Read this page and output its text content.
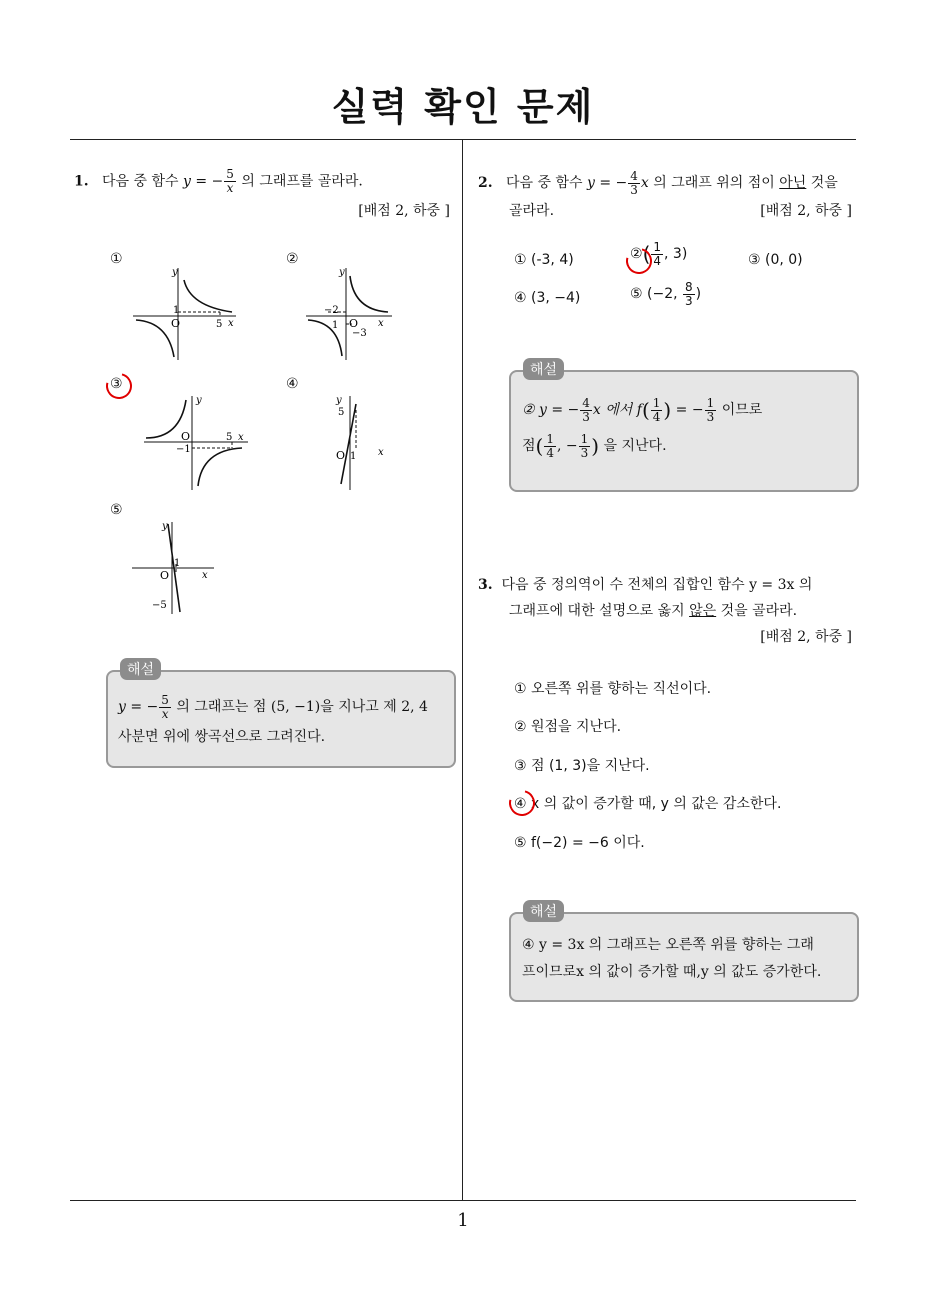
실력 확인 문제
1
1. 다음 중 함수 y = − $\frac{5}{x}$ 의 그래프를 골라라.
[배점 2, 하중 ]
①	②
③	④
⑤
y
x
O
1
5
y
x
O
−2
1
−3
y
x
O	5
−1
y
5
O 1 x
y
x
O
1
−5
해설
y = − $\frac{5}{x}$ 의 그래프는 점 (5, −1)을 지나고 제 2, 4
사분면 위에 쌍곡선으로 그려진다.
2. 다음 중 함수 y = − $\frac{4}{3}$ x 의 그래프 위의 점이 아닌 것을
골라라.	[배점 2, 하중 ]
① (-3, 4)	②( $\frac{1}{4}$ , 3)	③ (0, 0)
④ (3, −4)	⑤ (−2, $\frac{8}{3}$ )
해설
② y = − $\frac{4}{3}$ x 에서 $f( \frac{1}{4}$ ) = − $\frac{1}{3}$ 이므로
점( $\frac{1}{4}$ , − $\frac{1}{3}$ ) 을 지난다.
3. 다음 중 정의역이 수 전체의 집합인 함수 y = 3x 의
그래프에 대한 설명으로 옳지 않은 것을 골라라.
[배점 2, 하중 ]
① 오른쪽 위를 향하는 직선이다.
② 원점을 지난다.
③ 점 (1, 3)을 지난다.
④ x 의 값이 증가할 때, y 의 값은 감소한다.
⑤ f(−2) = −6 이다.
해설
④ y = 3x 의 그래프는 오른쪽 위를 향하는 그래
프이므로x 의 값이 증가할 때,y 의 값도 증가한다.
